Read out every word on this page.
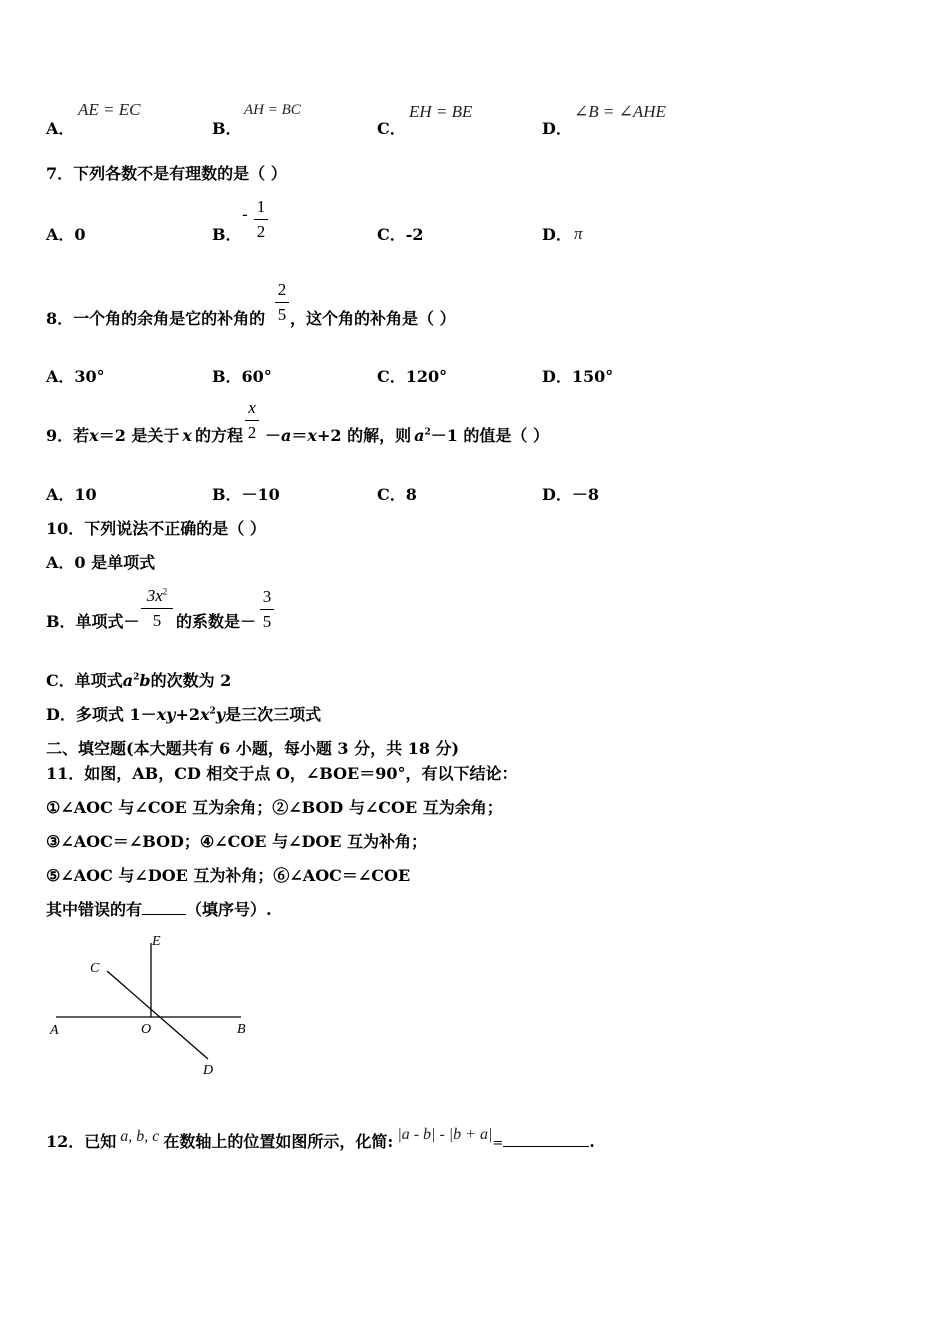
A．
AE = EC
B．
AH = BC
C．
EH = BE
D．
∠B = ∠AHE
7．下列各数不是有理数的是（ ）
A．0	B．
- 1
2	C．-2	D． π
8．一个角的余角是它的补角的
2
5 ，这个角的补角是（ ）
A．30°	B．60°	C．120°	D．150°
9．若x＝2 是关于 x 的方程
x
2 －a＝x+2 的解，则 $a^2-1$ 的值是（ ）
A．10	B．－10	C．8	D．－8
10．下列说法不正确的是（ ）
A．0 是单项式
B．单项式－
$3x^2$
5 的系数是－
3
5
C．单项式$a^2b$的次数为 2
D．多项式 $1-xy+2x^2y$是三次三项式
二、填空题(本大题共有 6 小题，每小题 3 分，共 18 分)
11．如图，AB，CD 相交于点 O，∠BOE＝90°，有以下结论：
①∠AOC 与∠COE 互为余角；②∠BOD 与∠COE 互为余角；
③∠AOC＝∠BOD；④∠COE 与∠DOE 互为补角；
⑤∠AOC 与∠DOE 互为补角；⑥∠AOC＝∠COE
其中错误的有	（填序号）.
E
C
A	O	B
D
12．已知 a, b, c 在数轴上的位置如图所示，化简: |a - b| - |b + a|=	.
